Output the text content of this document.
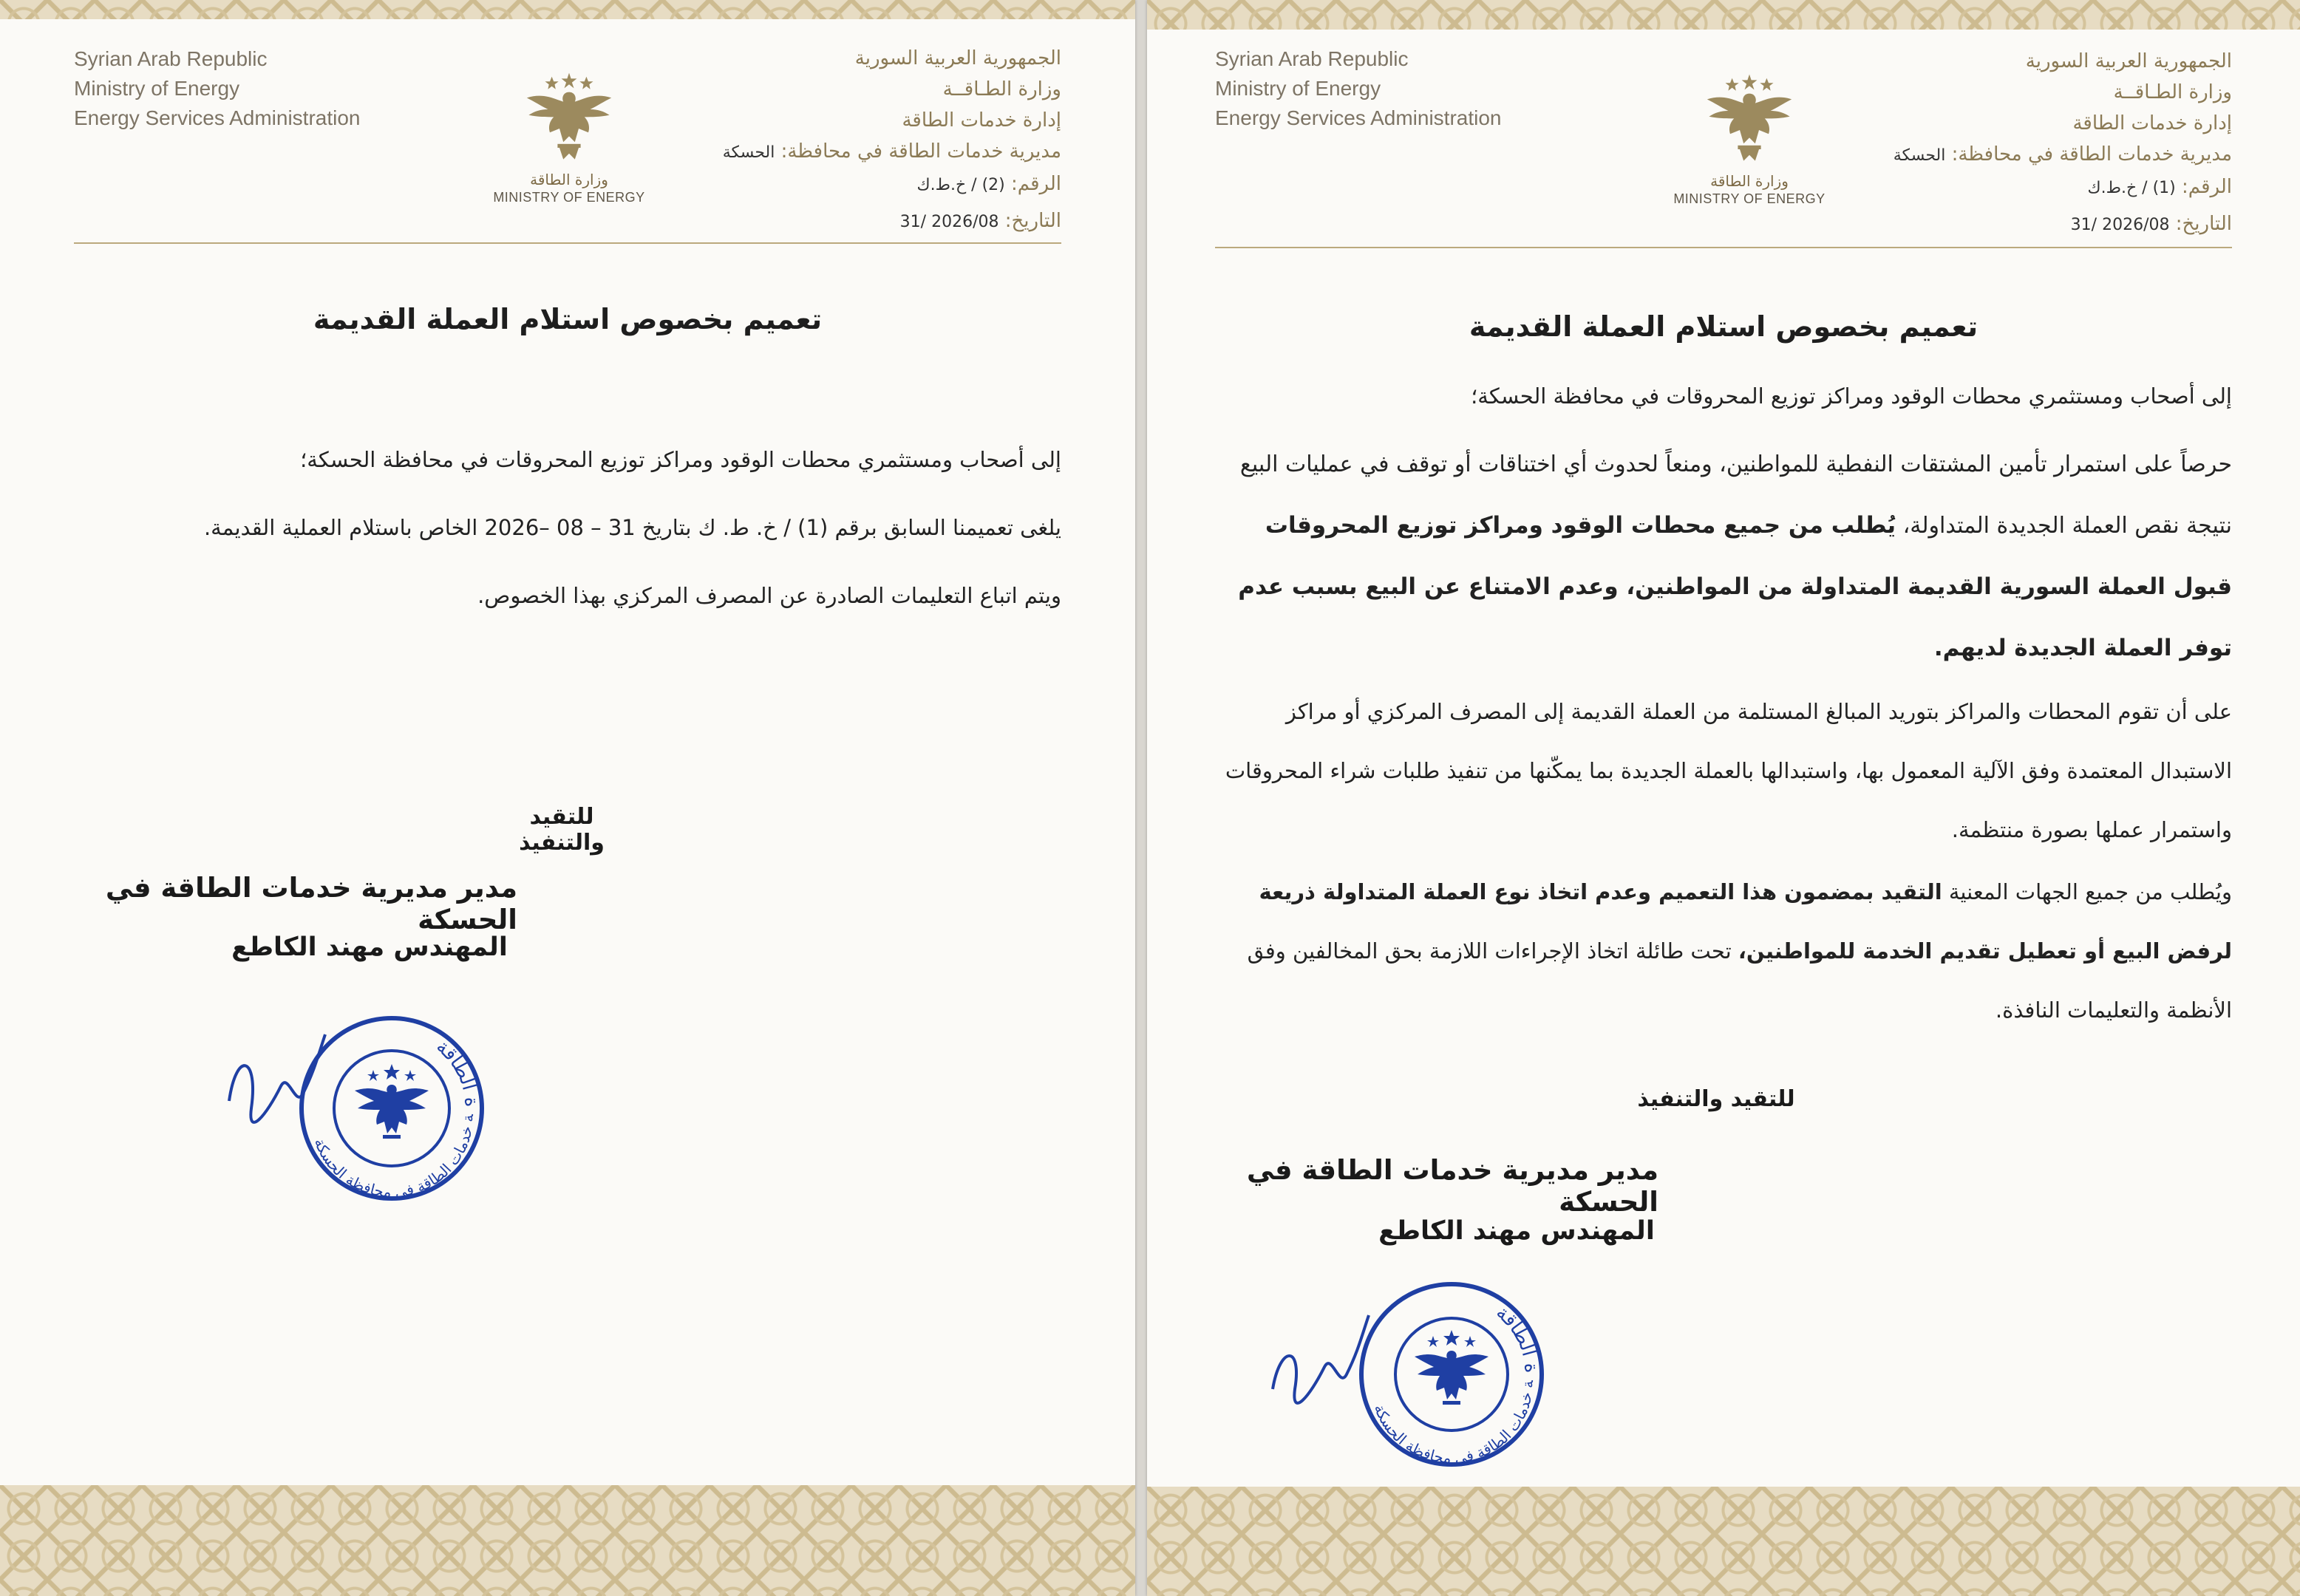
Syrian Arab Republic
Ministry of Energy
Energy Services Administration
وزارة الطاقة
MINISTRY OF ENERGY
الجمهورية العربية السورية
وزارة الطـاقــة
إدارة خدمات الطاقة
مديرية خدمات الطاقة في محافظة: الحسكة
الرقم: (2) / خ.ط.ك
التاريخ: 2026/08 /31
تعميم بخصوص استلام العملة القديمة

إلى أصحاب ومستثمري محطات الوقود ومراكز توزيع المحروقات في محافظة الحسكة؛

يلغى تعميمنا السابق برقم (1) / خ. ط. ك بتاريخ 31 – 08 –2026 الخاص باستلام العملية القديمة.

ويتم اتباع التعليمات الصادرة عن المصرف المركزي بهذا الخصوص.

للتقيد والتنفيذ
مدير مديرية خدمات الطاقة في الحسكة
المهندس مهند الكاطع
ة الطاقة
ة خدمات الطاقة في محافظة الحسكة
Syrian Arab Republic
Ministry of Energy
Energy Services Administration
وزارة الطاقة
MINISTRY OF ENERGY
الجمهورية العربية السورية
وزارة الطـاقــة
إدارة خدمات الطاقة
مديرية خدمات الطاقة في محافظة: الحسكة
الرقم: (1) / خ.ط.ك
التاريخ: 2026/08 /31
تعميم بخصوص استلام العملة القديمة

إلى أصحاب ومستثمري محطات الوقود ومراكز توزيع المحروقات في محافظة الحسكة؛

حرصاً على استمرار تأمين المشتقات النفطية للمواطنين، ومنعاً لحدوث أي اختناقات أو توقف في عمليات البيع نتيجة نقص العملة الجديدة المتداولة، يُطلب من جميع محطات الوقود ومراكز توزيع المحروقات قبول العملة السورية القديمة المتداولة من المواطنين، وعدم الامتناع عن البيع بسبب عدم توفر العملة الجديدة لديهم.

على أن تقوم المحطات والمراكز بتوريد المبالغ المستلمة من العملة القديمة إلى المصرف المركزي أو مراكز الاستبدال المعتمدة وفق الآلية المعمول بها، واستبدالها بالعملة الجديدة بما يمكّنها من تنفيذ طلبات شراء المحروقات واستمرار عملها بصورة منتظمة.

ويُطلب من جميع الجهات المعنية التقيد بمضمون هذا التعميم وعدم اتخاذ نوع العملة المتداولة ذريعة لرفض البيع أو تعطيل تقديم الخدمة للمواطنين، تحت طائلة اتخاذ الإجراءات اللازمة بحق المخالفين وفق الأنظمة والتعليمات النافذة.

للتقيد والتنفيذ
مدير مديرية خدمات الطاقة في الحسكة
المهندس مهند الكاطع
ة الطاقة
ة خدمات الطاقة في محافظة الحسكة
